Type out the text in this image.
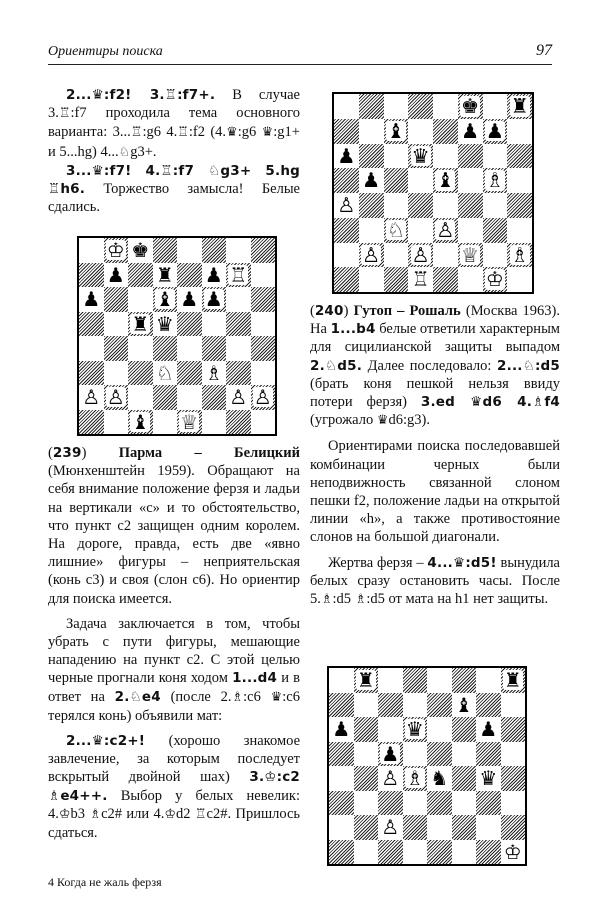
Ориентиры поиска	97

2...♛:f2! 3.♖:f7+. В случае 3.♖:f7 проходила тема основного варианта: 3...♖:g6 4.♖:f2 (4.♛:g6 ♛:g1+ и 5...hg) 4...♘g3+.

3...♛:f7! 4.♖:f7 ♘g3+ 5.hg ♖h6. Торжество замысла! Белые сдались.

♔ ♚
♟ ♜ ♟ ♖
♟	♝ ♟ ♟
♜ ♛
♘ ♗
♙ ♙	♙ ♙
♝ ♕

(239) Парма – Белицкий (Мюнхенштейн 1959). Обращают на себя внимание положение ферзя и ладьи на вертикали «с» и то обстоятельство, что пункт с2 защищен одним королем. На дороге, правда, есть две «явно лишние» фигуры – неприятельская (конь с3) и своя (слон с6). Но ориентир для поиска имеется.

Задача заключается в том, чтобы убрать с пути фигуры, мешающие нападению на пункт с2. С этой целью черные прогнали коня ходом 1...d4 и в ответ на 2.♘e4 (после 2.♗:c6 ♛:c6 терялся конь) объявили мат:

2...♛:c2+! (хорошо знакомое завлечение, за которым последует вскрытый двойной шах) 3.♔:c2 ♗e4++. Выбор у белых невелик: 4.♔b3 ♗c2# или 4.♔d2 ♖c2#. Пришлось сдаться.

♚ ♜
♝	♟ ♟
♟	♛
♟	♝ ♗
♙
♘ ♙
♙ ♙ ♕ ♗
♖	♔

(240) Гутоп – Рошаль (Москва 1963). На 1...b4 белые ответили характерным для сицилианской защиты выпадом 2.♘d5. Далее последовало: 2...♘:d5 (брать коня пешкой нельзя ввиду потери ферзя) 3.ed ♛d6 4.♗f4 (угрожало ♛d6:g3).

Ориентирами поиска последовавшей комбинации черных были неподвижность связанной слоном пешки f2, положение ладьи на открытой линии «h», а также противостояние слонов на большой диагонали.

Жертва ферзя – 4...♛:d5! вынудила белых сразу остановить часы. После 5.♗:d5 ♗:d5 от мата на h1 нет защиты.

♜	♜
♝
♟	♛	♟
♟
♙ ♗ ♞ ♛
♙
♔
4 Когда не жаль ферзя
